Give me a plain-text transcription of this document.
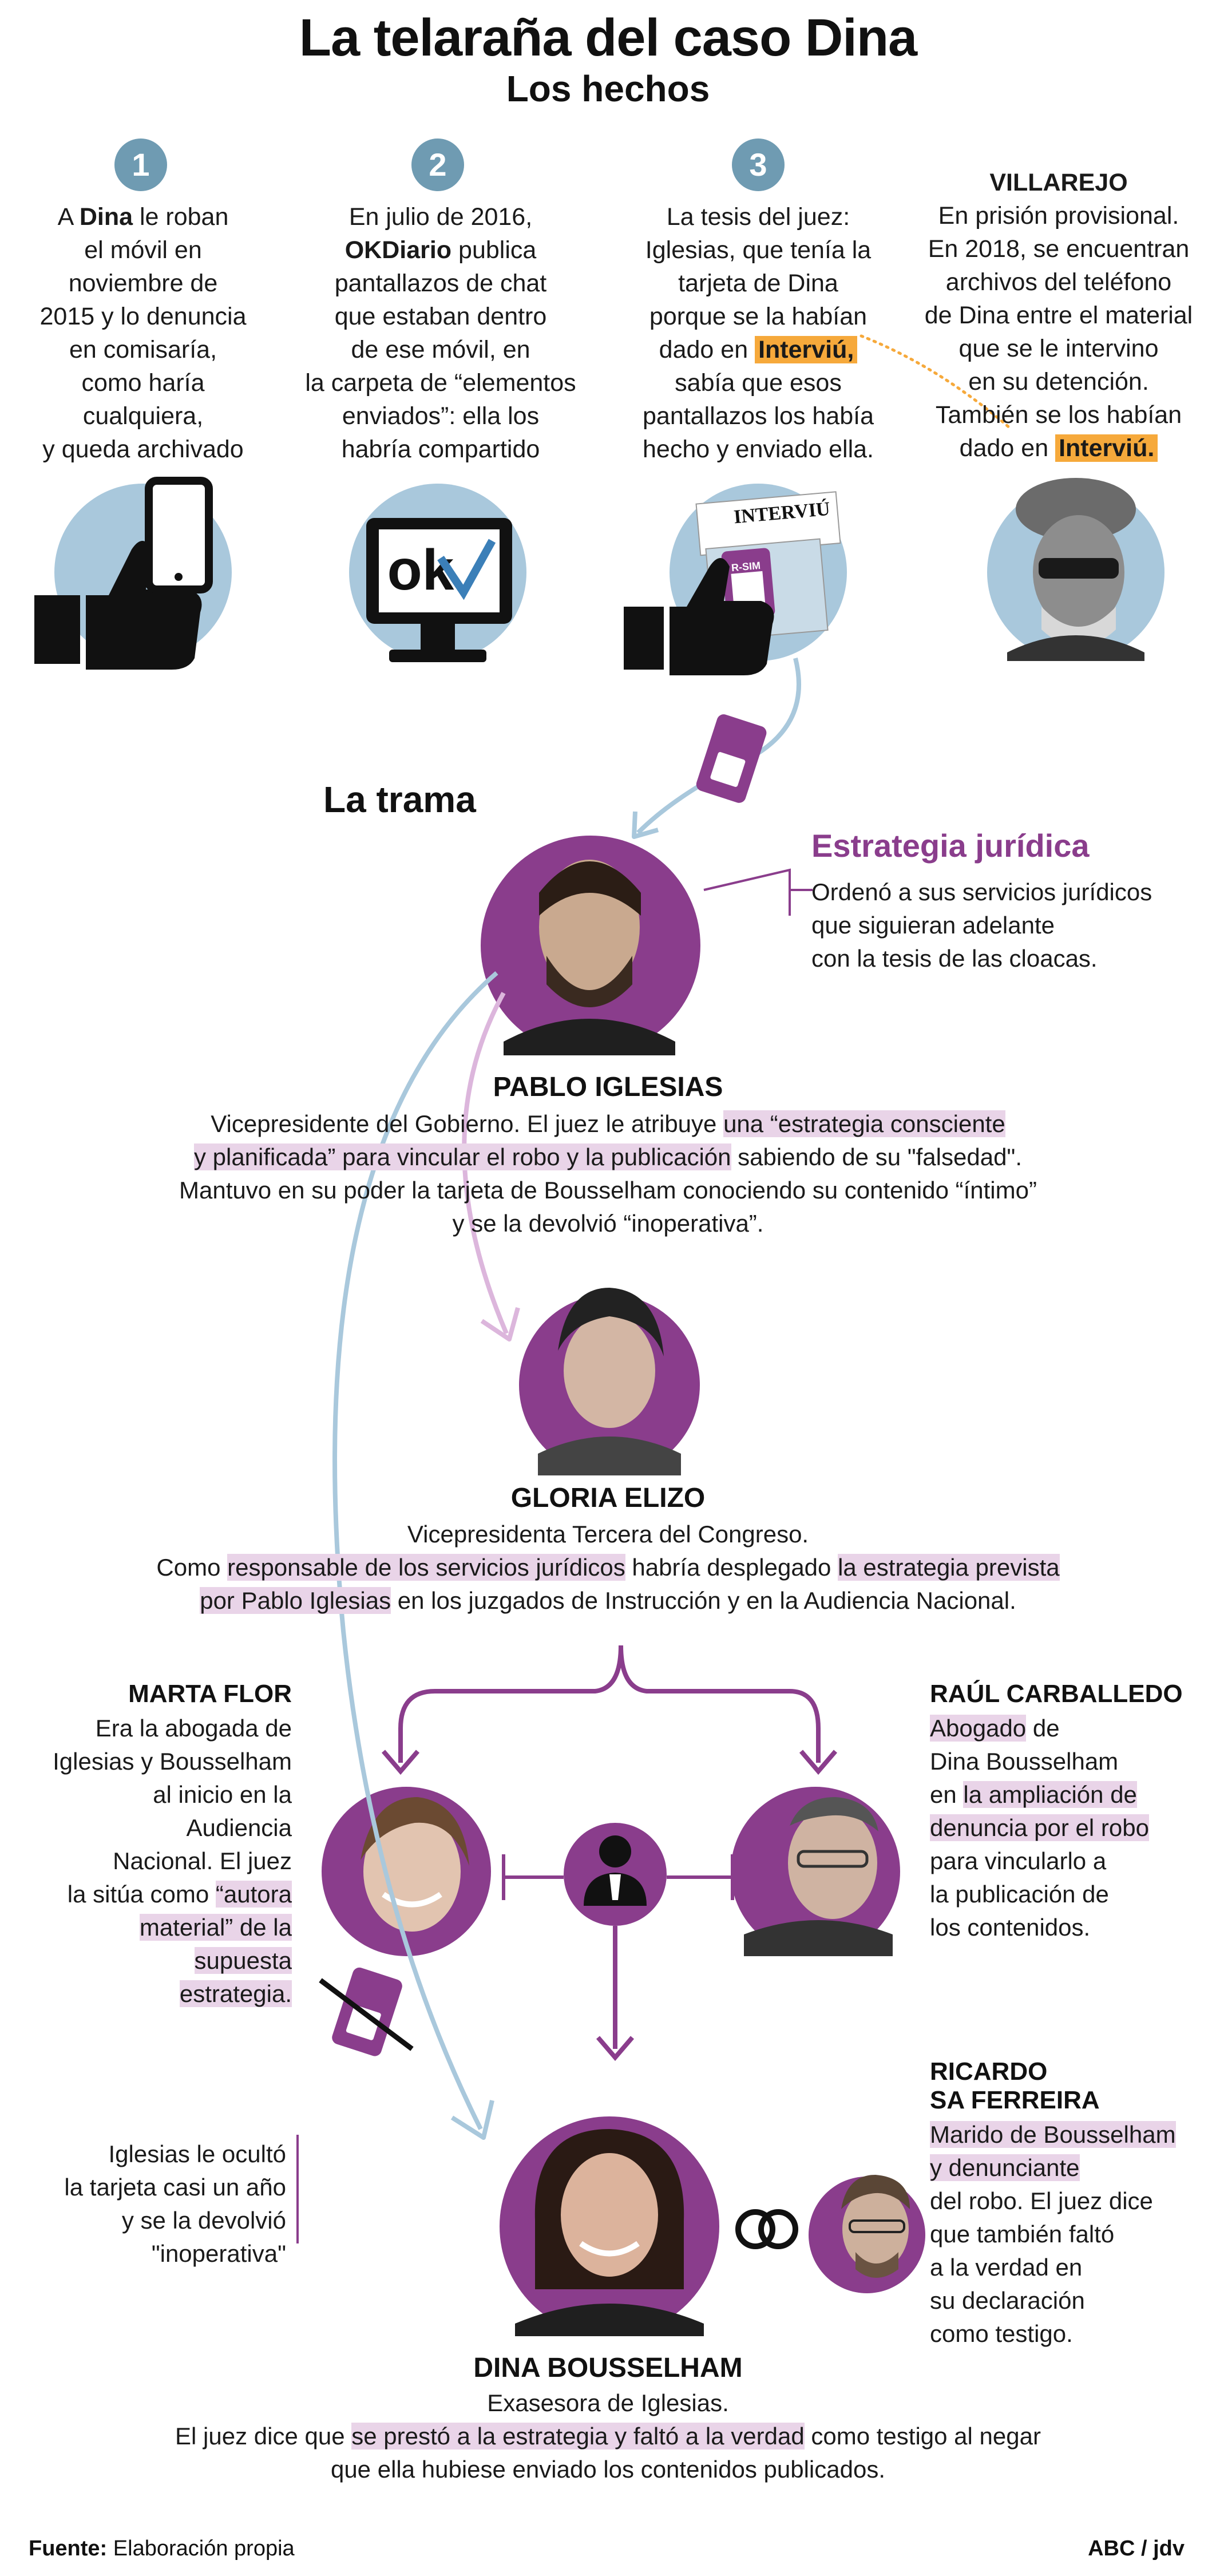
ok
La telaraña del caso Dina
Los hechos
1	2	3
A Dina le roban
el móvil en
noviembre de
2015 y lo denuncia
en comisaría,
como haría
cualquiera,
y queda archivado
En julio de 2016,
OKDiario publica
pantallazos de chat
que estaban dentro
de ese móvil, en
la carpeta de “elementos
enviados”: ella los
habría compartido
La tesis del juez:
Iglesias, que tenía la
tarjeta de Dina
porque se la habían
dado en Interviú,
sabía que esos
pantallazos los había
hecho y enviado ella.
VILLAREJO
En prisión provisional.
En 2018, se encuentran
archivos del teléfono
de Dina entre el material
que se le intervino
en su detención.
También se los habían
dado en Interviú.
INTERVIÚ
R-SIM
La trama
Estrategia jurídica
Ordenó a sus servicios jurídicos
que siguieran adelante
con la tesis de las cloacas.
PABLO IGLESIAS
Vicepresidente del Gobierno. El juez le atribuye una “estrategia consciente
y planificada” para vincular el robo y la publicación sabiendo de su "falsedad".
Mantuvo en su poder la tarjeta de Bousselham conociendo su contenido “íntimo”
y se la devolvió “inoperativa”.
GLORIA ELIZO
Vicepresidenta Tercera del Congreso.
Como responsable de los servicios jurídicos habría desplegado la estrategia prevista
por Pablo Iglesias en los juzgados de Instrucción y en la Audiencia Nacional.
MARTA FLOR
Era la abogada de
Iglesias y Bousselham
al inicio en la Audiencia
Nacional. El juez
la sitúa como “autora
material” de la supuesta
estrategia.
RAÚL CARBALLEDO
Abogado de
Dina Bousselham
en la ampliación de
denuncia por el robo
para vincularlo a
la publicación de
los contenidos.
Iglesias le ocultó
la tarjeta casi un año
y se la devolvió
"inoperativa"
RICARDO
SA FERREIRA
Marido de Bousselham
y denunciante
del robo. El juez dice
que también faltó
a la verdad en
su declaración
como testigo.
DINA BOUSSELHAM
Exasesora de Iglesias.
El juez dice que se prestó a la estrategia y faltó a la verdad como testigo al negar
que ella hubiese enviado los contenidos publicados.
Fuente: Elaboración propia	ABC / jdv
